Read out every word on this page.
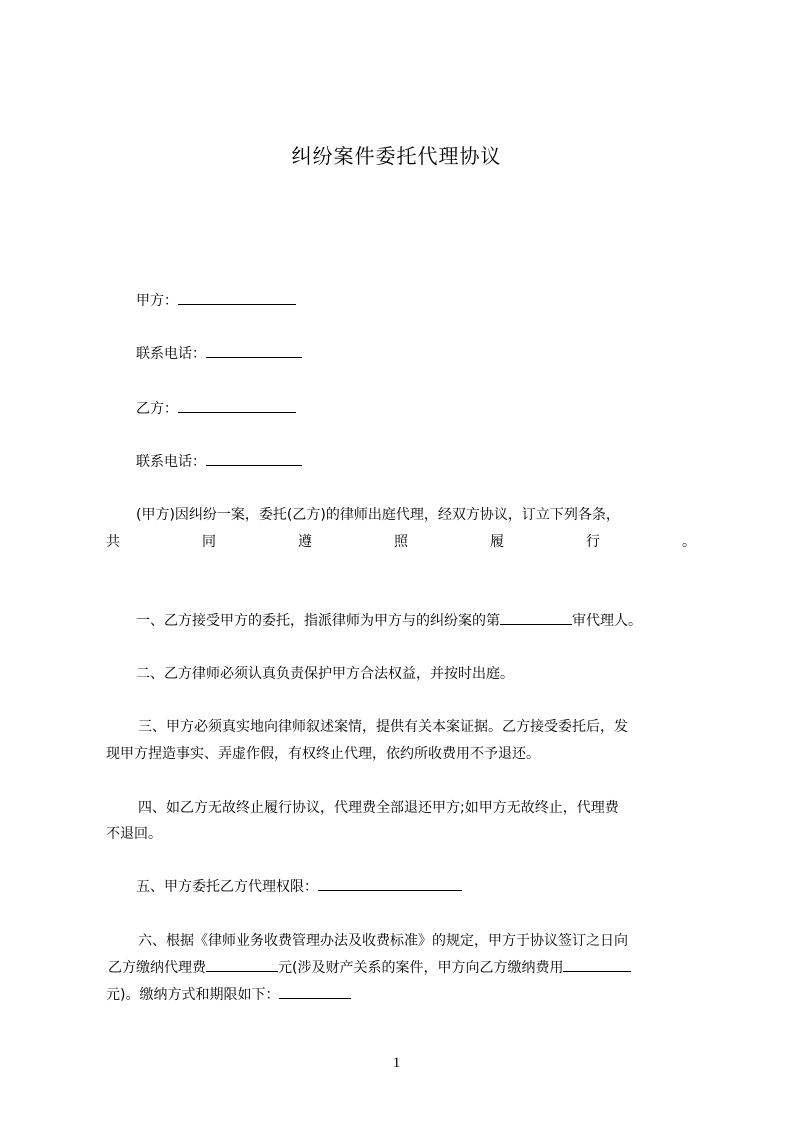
纠纷案件委托代理协议
甲方：
联系电话：
乙方：
联系电话：
(甲方)因纠纷一案，委托(乙方)的律师出庭代理，经双方协议，订立下列各条，
共	同	遵	照	履	行	。
一、乙方接受甲方的委托，指派律师为甲方与的纠纷案的第	审代理人。
二、乙方律师必须认真负责保护甲方合法权益，并按时出庭。
三、甲方必须真实地向律师叙述案情，提供有关本案证据。乙方接受委托后，发
现甲方捏造事实、弄虚作假，有权终止代理，依约所收费用不予退还。
四、如乙方无故终止履行协议，代理费全部退还甲方;如甲方无故终止，代理费
不退回。
五、甲方委托乙方代理权限：
六、根据《律师业务收费管理办法及收费标准》的规定，甲方于协议签订之日向
乙方缴纳代理费	元(涉及财产关系的案件，甲方向乙方缴纳费用
元)。缴纳方式和期限如下：
1
